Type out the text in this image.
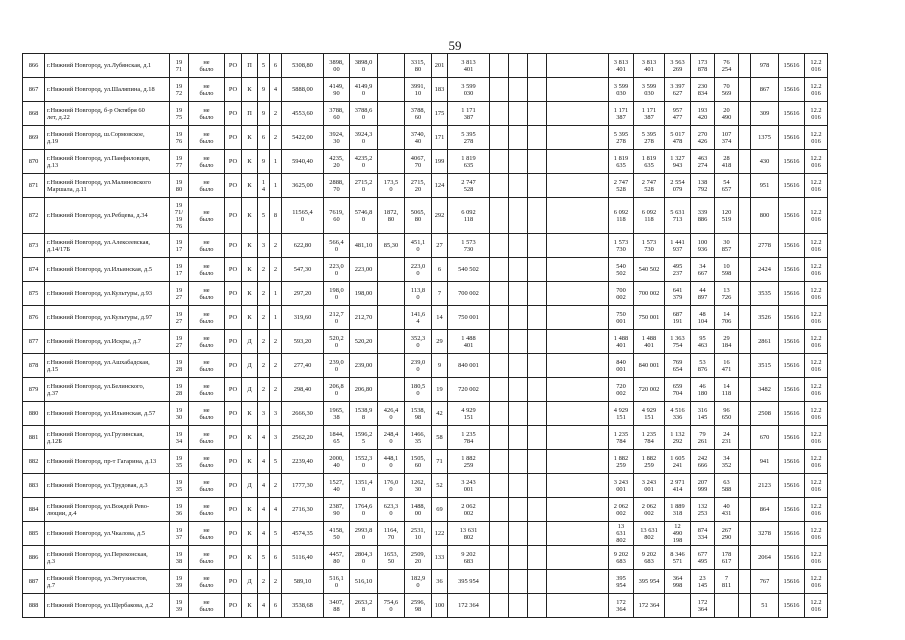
59
866	г.Нижний Новгород, ул.Лубянская, д.1	19
71	не
было	РО	П	5	6	5308,80	3898,
00	3898,0
0		3315,
80	201	3 813
401					3 813
401	3 813
401	3 563
269	173
878	76
254		978	15616	12.2
016
867	г.Нижний Новгород, ул.Шаляпина, д.18	19
72	не
было	РО	К	9	4	5888,00	4149,
90	4149,9
0		3991,
10	183	3 599
030					3 599
030	3 599
030	3 397
627	230
834	70
569		867	15616	12.2
016
868	г.Нижний Новгород, б-р Октября 60
лет, д.22	19
75	не
было	РО	П	9	2	4553,60	3788,
60	3788,6
0		3788,
60	175	1 171
387					1 171
387	1 171
387	957
477	193
420	20
490		309	15616	12.2
016
869	г.Нижний Новгород, ш.Сормовское,
д.19	19
76	не
было	РО	К	6	2	5422,00	3924,
30	3924,3
0		3740,
40	171	5 395
278					5 395
278	5 395
278	5 017
478	270
426	107
374		1375	15616	12.2
016
870	г.Нижний Новгород, ул.Панфиловцев,
д.13	19
77	не
было	РО	К	9	1	5940,40	4235,
20	4235,2
0		4067,
70	199	1 819
635					1 819
635	1 819
635	1 327
943	463
274	28
418		430	15616	12.2
016
871	г.Нижний Новгород, ул.Малиновского
Маршала, д.11	19
80	не
было	РО	К	1
4	1	3625,00	2888,
70	2715,2
0	173,5
0	2715,
20	124	2 747
528					2 747
528	2 747
528	2 554
079	138
792	54
657		951	15616	12.2
016
872	г.Нижний Новгород, ул.Ребцева, д.34	19
71/
19
76	не
было	РО	К	5	8	11565,4
0	7619,
60	5746,8
0	1872,
80	5065,
80	292	6 092
118					6 092
118	6 092
118	5 631
713	339
886	120
519		800	15616	12.2
016
873	г.Нижний Новгород, ул.Алексеевская,
д.14/17Б	19
17	не
было	РО	К	3	2	622,80	566,4
0	481,10	85,30	451,1
0	27	1 573
730					1 573
730	1 573
730	1 441
937	100
936	30
857		2778	15616	12.2
016
874	г.Нижний Новгород, ул.Ильинская, д.5	19
17	не
было	РО	К	2	2	547,30	223,0
0	223,00		223,0
0	6	540 502					540
502	540 502	495
237	34
667	10
598		2424	15616	12.2
016
875	г.Нижний Новгород, ул.Культуры, д.93	19
27	не
было	РО	К	2	1	297,20	198,0
0	198,00		113,8
0	7	700 002					700
002	700 002	641
379	44
897	13
726		3535	15616	12.2
016
876	г.Нижний Новгород, ул.Культуры, д.97	19
27	не
было	РО	К	2	1	319,60	212,7
0	212,70		141,6
4	14	750 001					750
001	750 001	687
191	48
104	14
706		3526	15616	12.2
016
877	г.Нижний Новгород, ул.Искры, д.7	19
27	не
было	РО	Д	2	2	593,20	520,2
0	520,20		352,3
0	29	1 488
401					1 488
401	1 488
401	1 363
754	95
463	29
184		2861	15616	12.2
016
878	г.Нижний Новгород, ул.Ашхабадская,
д.15	19
28	не
было	РО	Д	2	2	277,40	239,0
0	239,00		239,0
0	9	840 001					840
001	840 001	769
654	53
876	16
471		3515	15616	12.2
016
879	г.Нижний Новгород, ул.Белинского,
д.37	19
28	не
было	РО	Д	2	2	298,40	206,8
0	206,80		180,5
0	19	720 002					720
002	720 002	659
704	46
180	14
118		3482	15616	12.2
016
880	г.Нижний Новгород, ул.Ильинская, д.57	19
30	не
было	РО	К	3	3	2666,30	1965,
38	1538,9
8	426,4
0	1538,
98	42	4 929
151					4 929
151	4 929
151	4 516
336	316
145	96
650		2508	15616	12.2
016
881	г.Нижний Новгород, ул.Грузинская,
д.12Б	19
34	не
было	РО	К	4	3	2562,20	1844,
65	1596,2
5	248,4
0	1466,
35	58	1 235
784					1 235
784	1 235
784	1 132
292	79
261	24
231		670	15616	12.2
016
882	г.Нижний Новгород, пр-т Гагарина, д.13	19
35	не
было	РО	К	4	5	2239,40	2000,
40	1552,3
0	448,1
0	1505,
60	71	1 882
259					1 882
259	1 882
259	1 605
241	242
666	34
352		941	15616	12.2
016
883	г.Нижний Новгород, ул.Трудовая, д.3	19
35	не
было	РО	Д	4	2	1777,30	1527,
40	1351,4
0	176,0
0	1262,
30	52	3 243
001					3 243
001	3 243
001	2 971
414	207
999	63
588		2123	15616	12.2
016
884	г.Нижний Новгород, ул.Вождей Рево-
люции, д.4	19
36	не
было	РО	К	4	4	2716,30	2387,
90	1764,6
0	623,3
0	1488,
00	69	2 062
002					2 062
002	2 062
002	1 889
318	132
253	40
431		864	15616	12.2
016
885	г.Нижний Новгород, ул.Чкалова, д.5	19
37	не
было	РО	К	4	5	4574,35	4158,
50	2993,8
0	1164,
70	2531,
10	122	13 631
802					13
631
802	13 631
802	12
490
198	874
334	267
290		3278	15616	12.2
016
886	г.Нижний Новгород, ул.Переконская,
д.3	19
38	не
было	РО	К	5	6	5116,40	4457,
80	2804,3
0	1653,
50	2509,
20	133	9 202
683					9 202
683	9 202
683	8 346
571	677
495	178
617		2064	15616	12.2
016
887	г.Нижний Новгород, ул.Энтузиастов,
д.7	19
39	не
было	РО	Д	2	2	589,10	516,1
0	516,10		182,9
0	36	395 954					395
954	395 954	364
998	23
145	7
811		767	15616	12.2
016
888	г.Нижний Новгород, ул.Щербакова, д.2	19
39	не
было	РО	К	4	6	3538,68	3407,
88	2653,2
8	754,6
0	2596,
98	100	172 364					172
364	172 364		172
364			51	15616	12.2
016
